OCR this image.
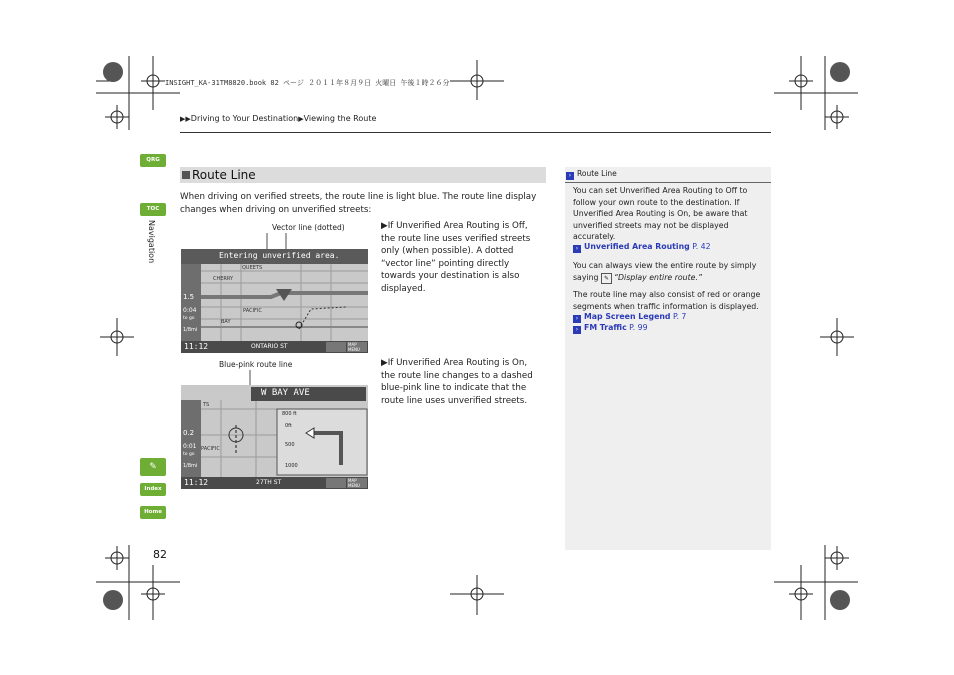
INSIGHT_KA-31TM8820.book 82 ページ ２０１１年８月９日 火曜日 午後１時２６分
▶▶Driving to Your Destination▶Viewing the Route
QRG
TOC
Navigation
✎
Index
Home
82
Route Line
When driving on verified streets, the route line is light blue. The route line display changes when driving on unverified streets:
Vector line (dotted)
Entering unverified area.
QUEETS
CHERRY
PACIFIC
BAY
1.5
0:04
to go
1/8mi
11:12	ONTARIO ST	MAP MENU
▶If Unverified Area Routing is Off, the route line uses verified streets only (when possible). A dotted “vector line” pointing directly towards your destination is also displayed.
Blue-pink route line
W BAY AVE
TS
PACIFIC
800 ft
0ft
500
1000
0.2
0:01
to go
1/8mi
11:12	27TH ST	MAP MENU
▶If Unverified Area Routing is On, the route line changes to a dashed blue-pink line to indicate that the route line uses unverified streets.
› Route Line
You can set Unverified Area Routing to Off to follow your own route to the destination. If Unverified Area Routing is On, be aware that unverified streets may not be displayed accurately.
› Unverified Area Routing P. 42
You can always view the entire route by simply saying ✎ “Display entire route.”
The route line may also consist of red or orange segments when traffic information is displayed.
› Map Screen Legend P. 7
› FM Traffic P. 99
